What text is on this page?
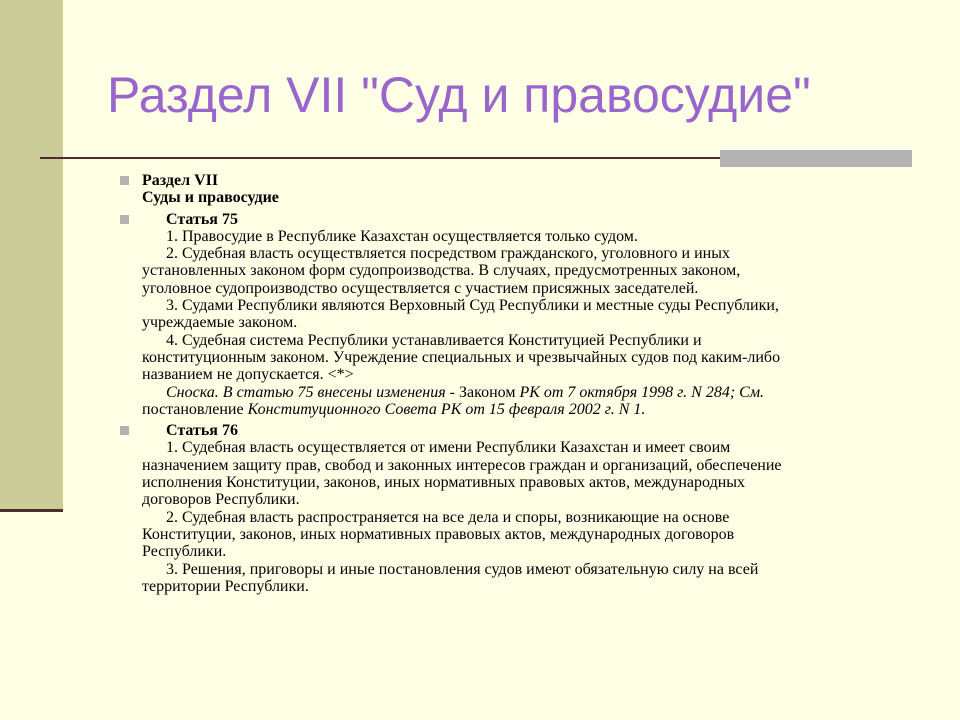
Раздел VII "Суд и правосудие"
Раздел VII
Суды и правосудие
Статья 75
1. Правосудие в Республике Казахстан осуществляется только судом.
2. Судебная власть осуществляется посредством гражданского, уголовного и иных
установленных законом форм судопроизводства. В случаях, предусмотренных законом,
уголовное судопроизводство осуществляется с участием присяжных заседателей.
3. Судами Республики являются Верховный Суд Республики и местные суды Республики,
учреждаемые законом.
4. Судебная система Республики устанавливается Конституцией Республики и
конституционным законом. Учреждение специальных и чрезвычайных судов под каким-либо
названием не допускается. <*>
Сноска. В статью 75 внесены изменения - Законом РК от 7 октября 1998 г. N 284; См.
постановление Конституционного Совета РК от 15 февраля 2002 г. N 1.
Статья 76
1. Судебная власть осуществляется от имени Республики Казахстан и имеет своим
назначением защиту прав, свобод и законных интересов граждан и организаций, обеспечение
исполнения Конституции, законов, иных нормативных правовых актов, международных
договоров Республики.
2. Судебная власть распространяется на все дела и споры, возникающие на основе
Конституции, законов, иных нормативных правовых актов, международных договоров
Республики.
3. Решения, приговоры и иные постановления судов имеют обязательную силу на всей
территории Республики.
